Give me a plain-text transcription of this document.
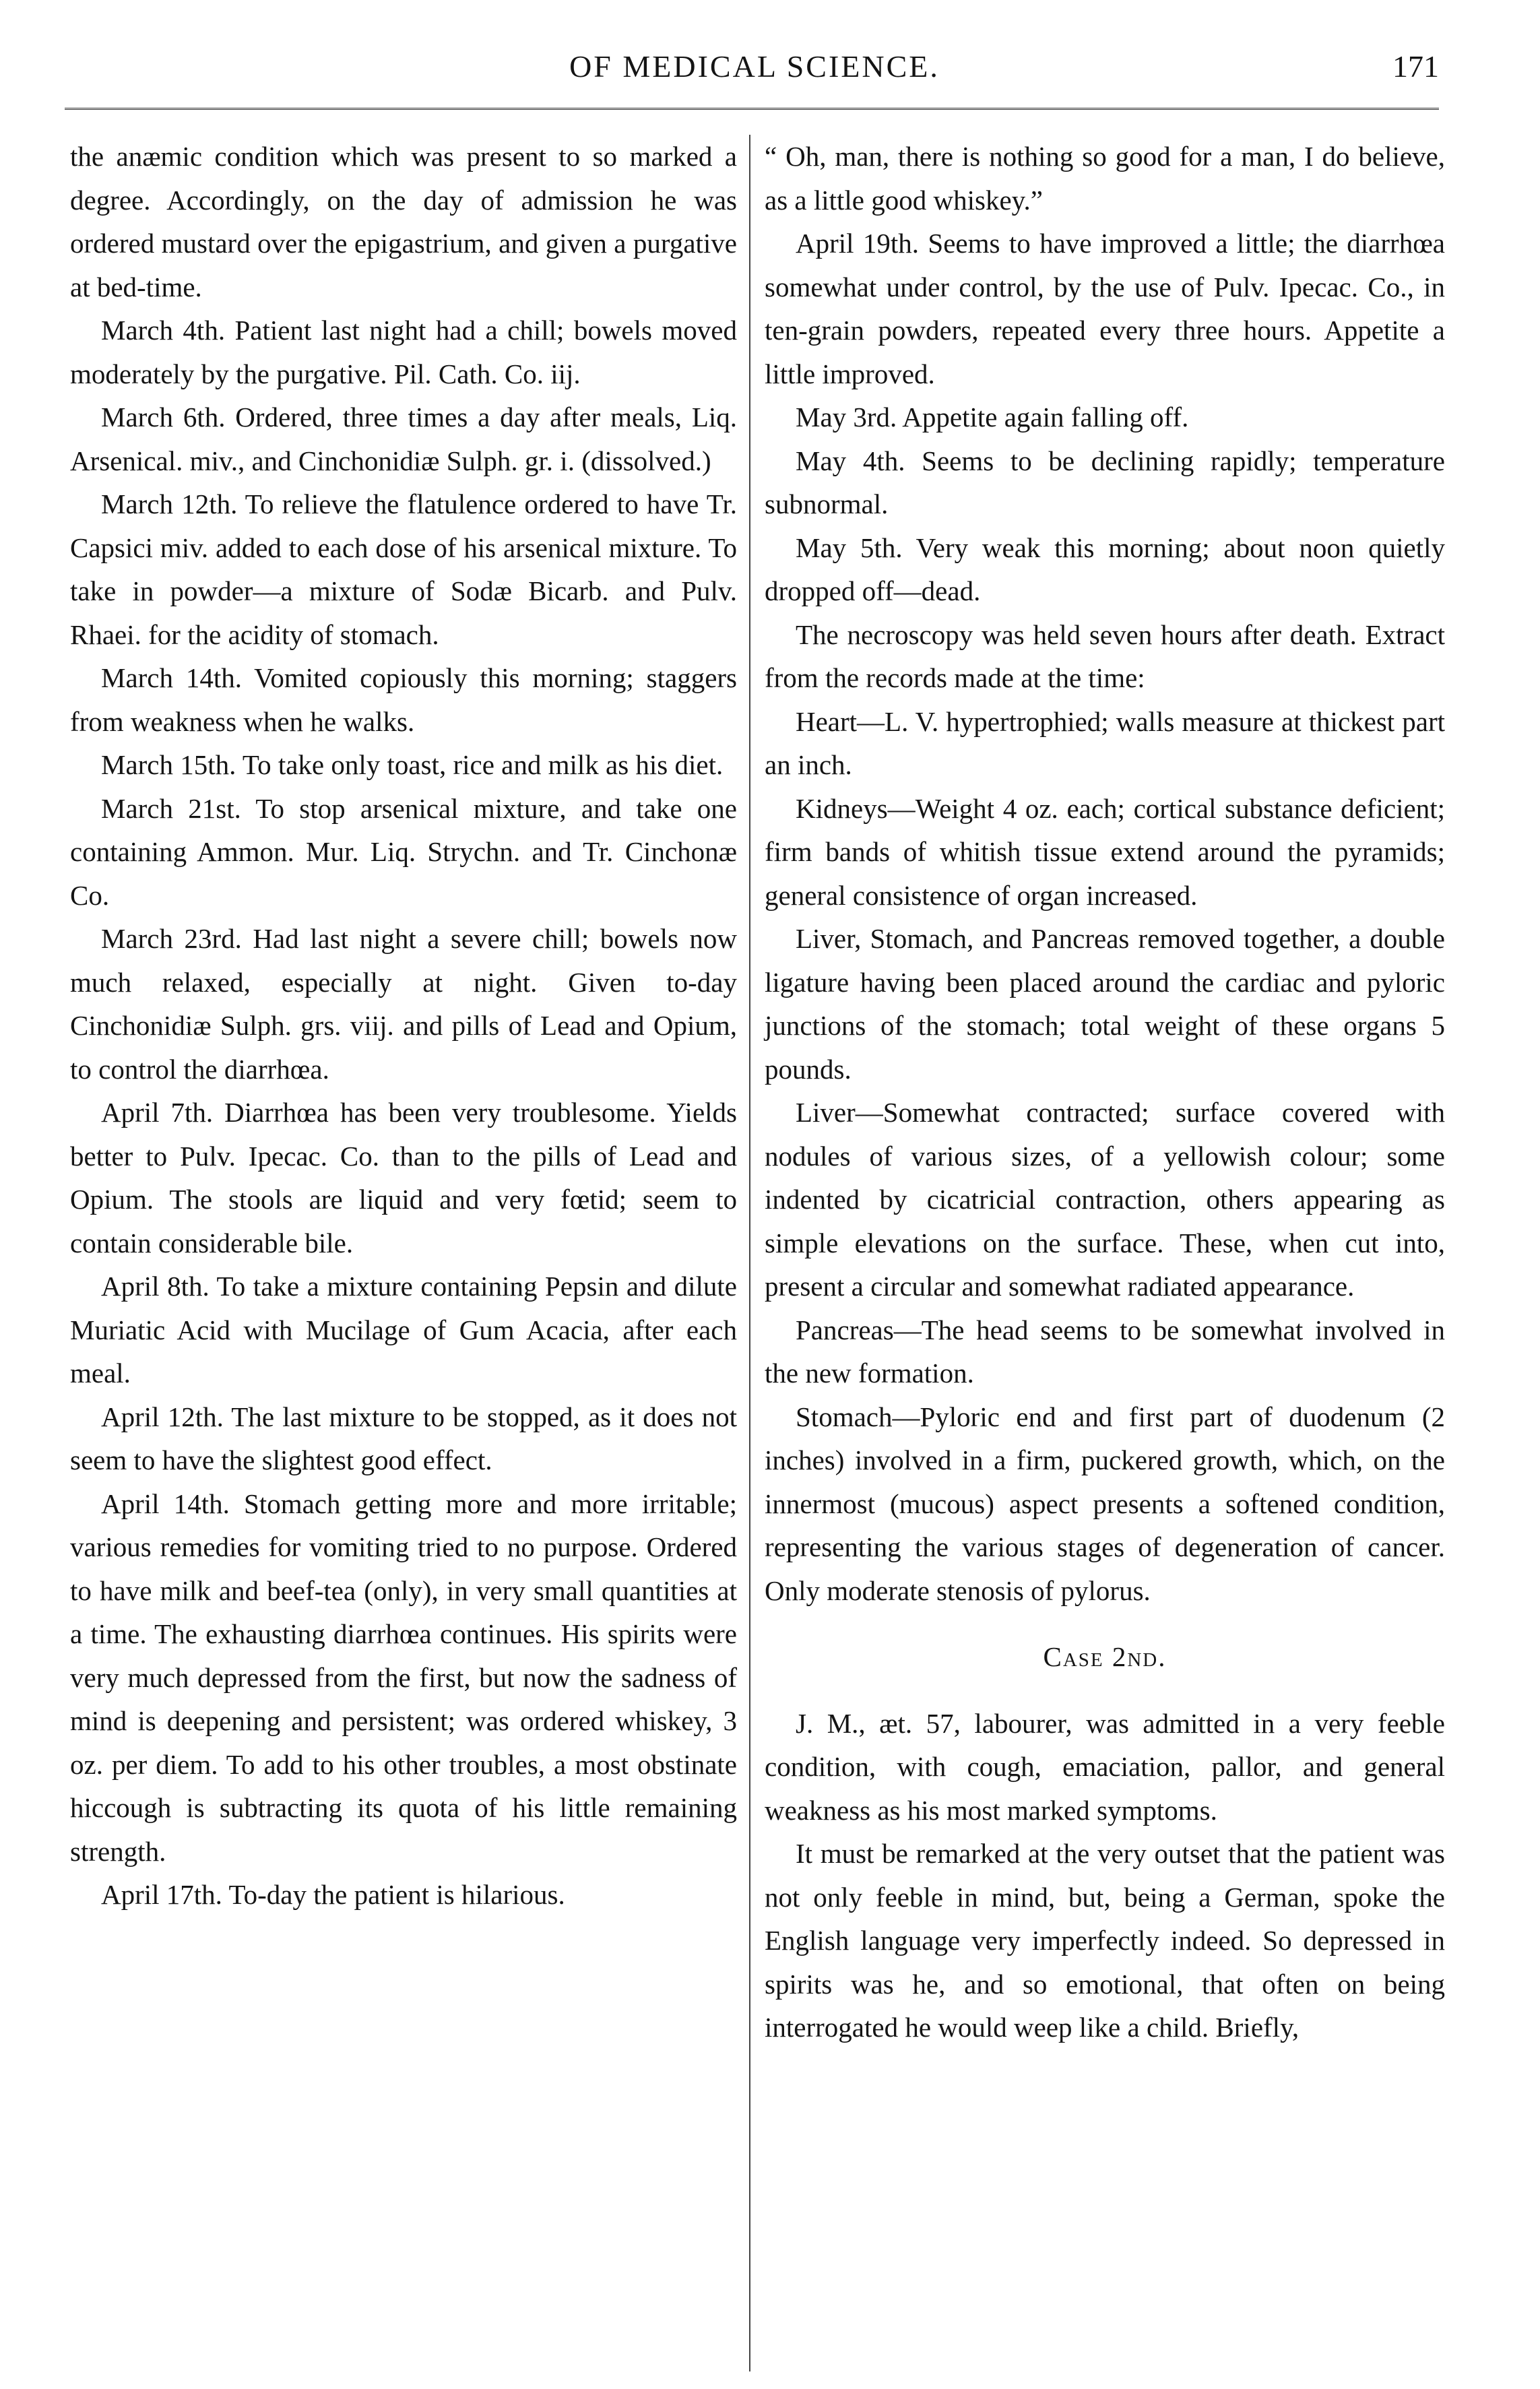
OF MEDICAL SCIENCE.	171

the anæmic condition which was present to so marked a degree. Accordingly, on the day of admission he was ordered mustard over the epigastrium, and given a purgative at bed-time.

March 4th. Patient last night had a chill; bowels moved moderately by the purgative. Pil. Cath. Co. iij.

March 6th. Ordered, three times a day after meals, Liq. Arsenical. miv., and Cinchonidiæ Sulph. gr. i. (dissolved.)

March 12th. To relieve the flatulence ordered to have Tr. Capsici miv. added to each dose of his arsenical mixture. To take in powder—a mixture of Sodæ Bicarb. and Pulv. Rhaei. for the acidity of stomach.

March 14th. Vomited copiously this morning; staggers from weakness when he walks.

March 15th. To take only toast, rice and milk as his diet.

March 21st. To stop arsenical mixture, and take one containing Ammon. Mur. Liq. Strychn. and Tr. Cinchonæ Co.

March 23rd. Had last night a severe chill; bowels now much relaxed, especially at night. Given to-day Cinchonidiæ Sulph. grs. viij. and pills of Lead and Opium, to control the diarrhœa.

April 7th. Diarrhœa has been very troublesome. Yields better to Pulv. Ipecac. Co. than to the pills of Lead and Opium. The stools are liquid and very fœtid; seem to contain considerable bile.

April 8th. To take a mixture containing Pepsin and dilute Muriatic Acid with Mucilage of Gum Acacia, after each meal.

April 12th. The last mixture to be stopped, as it does not seem to have the slightest good effect.

April 14th. Stomach getting more and more irritable; various remedies for vomiting tried to no purpose. Ordered to have milk and beef-tea (only), in very small quantities at a time. The exhausting diarrhœa continues. His spirits were very much depressed from the first, but now the sadness of mind is deepening and persistent; was ordered whiskey, 3 oz. per diem. To add to his other troubles, a most obstinate hiccough is subtracting its quota of his little remaining strength.

April 17th. To-day the patient is hilarious.

“ Oh, man, there is nothing so good for a man, I do believe, as a little good whiskey.”

April 19th. Seems to have improved a little; the diarrhœa somewhat under control, by the use of Pulv. Ipecac. Co., in ten-grain powders, repeated every three hours. Appetite a little improved.

May 3rd. Appetite again falling off.

May 4th. Seems to be declining rapidly; temperature subnormal.

May 5th. Very weak this morning; about noon quietly dropped off—dead.

The necroscopy was held seven hours after death. Extract from the records made at the time:

Heart—L. V. hypertrophied; walls measure at thickest part an inch.

Kidneys—Weight 4 oz. each; cortical substance deficient; firm bands of whitish tissue extend around the pyramids; general consistence of organ increased.

Liver, Stomach, and Pancreas removed together, a double ligature having been placed around the cardiac and pyloric junctions of the stomach; total weight of these organs 5 pounds.

Liver—Somewhat contracted; surface covered with nodules of various sizes, of a yellowish colour; some indented by cicatricial contraction, others appearing as simple elevations on the surface. These, when cut into, present a circular and somewhat radiated appearance.

Pancreas—The head seems to be somewhat involved in the new formation.

Stomach—Pyloric end and first part of duodenum (2 inches) involved in a firm, puckered growth, which, on the innermost (mucous) aspect presents a softened condition, representing the various stages of degeneration of cancer. Only moderate stenosis of pylorus.

Case 2nd.

J. M., æt. 57, labourer, was admitted in a very feeble condition, with cough, emaciation, pallor, and general weakness as his most marked symptoms.

It must be remarked at the very outset that the patient was not only feeble in mind, but, being a German, spoke the English language very imperfectly indeed. So depressed in spirits was he, and so emotional, that often on being interrogated he would weep like a child. Briefly,
